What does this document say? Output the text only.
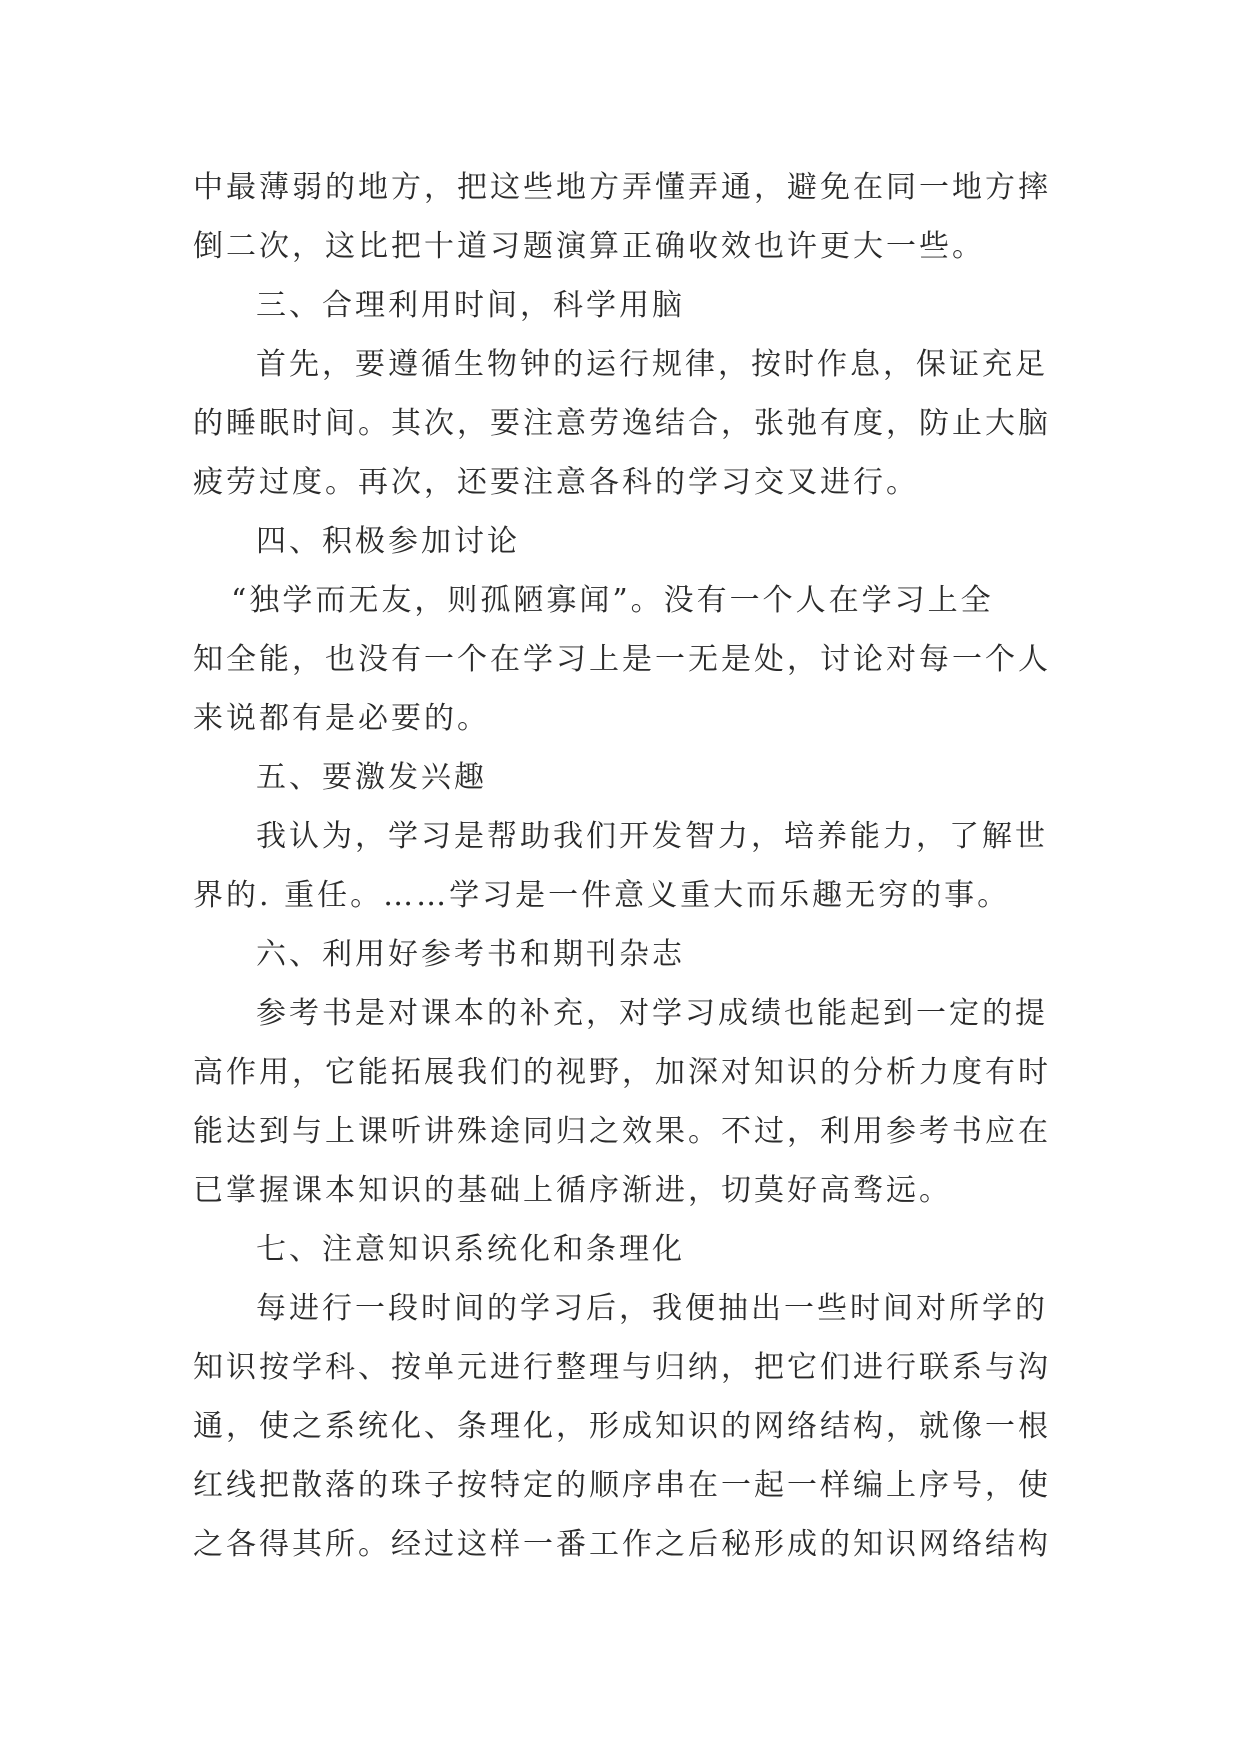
中最薄弱的地方，把这些地方弄懂弄通，避免在同一地方摔
倒二次，这比把十道习题演算正确收效也许更大一些。
三、合理利用时间，科学用脑
首先，要遵循生物钟的运行规律，按时作息，保证充足
的睡眠时间。其次，要注意劳逸结合，张弛有度，防止大脑
疲劳过度。再次，还要注意各科的学习交叉进行。
四、积极参加讨论
“独学而无友，则孤陋寡闻”。没有一个人在学习上全
知全能，也没有一个在学习上是一无是处，讨论对每一个人
来说都有是必要的。
五、要激发兴趣
我认为，学习是帮助我们开发智力，培养能力，了解世
界的. 重任。……学习是一件意义重大而乐趣无穷的事。
六、利用好参考书和期刊杂志
参考书是对课本的补充，对学习成绩也能起到一定的提
高作用，它能拓展我们的视野，加深对知识的分析力度有时
能达到与上课听讲殊途同归之效果。不过，利用参考书应在
已掌握课本知识的基础上循序渐进，切莫好高骛远。
七、注意知识系统化和条理化
每进行一段时间的学习后，我便抽出一些时间对所学的
知识按学科、按单元进行整理与归纳，把它们进行联系与沟
通，使之系统化、条理化，形成知识的网络结构，就像一根
红线把散落的珠子按特定的顺序串在一起一样编上序号，使
之各得其所。经过这样一番工作之后秘形成的知识网络结构
